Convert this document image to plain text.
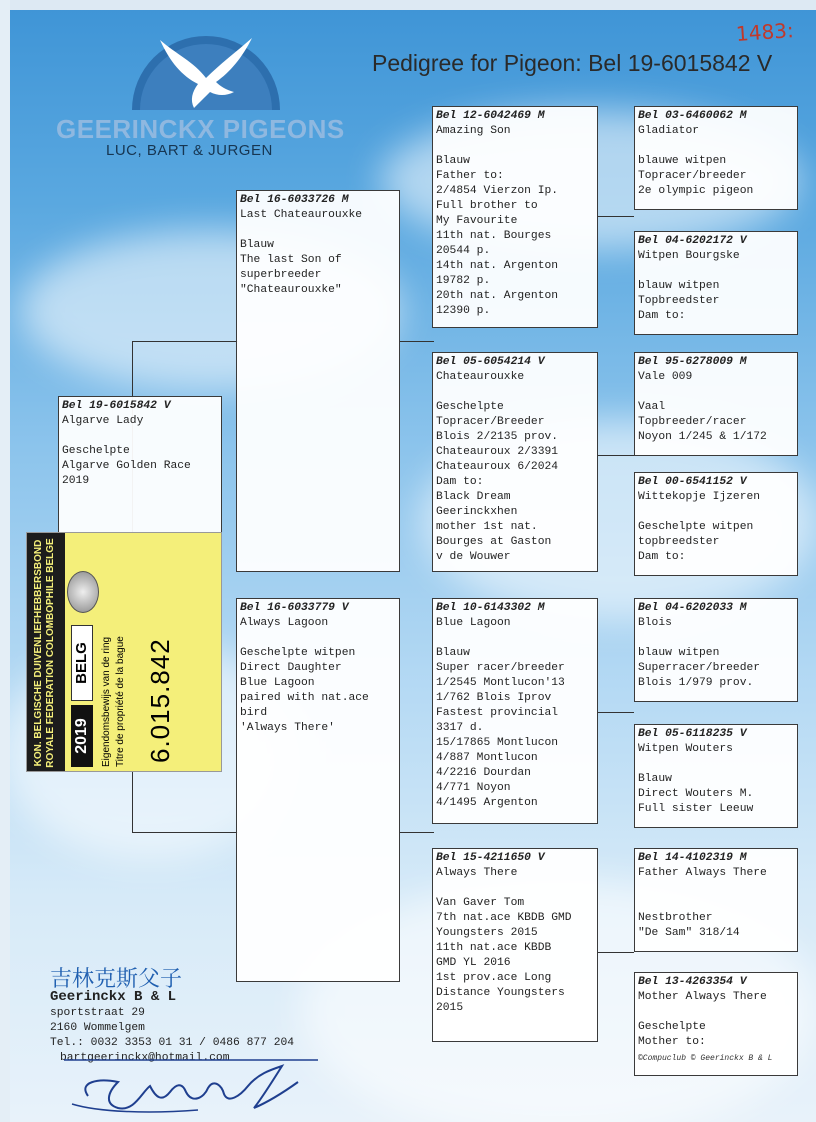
GEERINCKX PIGEONS
LUC, BART & JURGEN
1483:
Pedigree for Pigeon: Bel 19-6015842 V
Bel 19-6015842 V
Algarve Lady
Geschelpte
Algarve Golden Race
2019
Bel 16-6033726 M
Last Chateaurouxke
Blauw
The last Son of
superbreeder
"Chateaurouxke"
Bel 16-6033779 V
Always Lagoon
Geschelpte witpen
Direct Daughter
Blue Lagoon
paired with nat.ace
bird
'Always There'
Bel 12-6042469 M
Amazing Son
Blauw
Father to:
2/4854 Vierzon Ip.
Full brother to
My Favourite
11th nat. Bourges
20544 p.
14th nat. Argenton
19782 p.
20th nat. Argenton
12390 p.
Bel 05-6054214 V
Chateaurouxke
Geschelpte
Topracer/Breeder
Blois 2/2135 prov.
Chateauroux 2/3391
Chateauroux 6/2024
Dam to:
Black Dream
Geerinckxhen
mother 1st nat.
Bourges at Gaston
v de Wouwer
Bel 10-6143302 M
Blue Lagoon
Blauw
Super racer/breeder
1/2545 Montlucon'13
1/762 Blois Iprov
Fastest provincial
3317 d.
15/17865 Montlucon
4/887 Montlucon
4/2216 Dourdan
4/771 Noyon
4/1495 Argenton
Bel 15-4211650 V
Always There
Van Gaver Tom
7th nat.ace KBDB GMD
Youngsters 2015
11th nat.ace KBDB
GMD YL 2016
1st prov.ace Long
Distance Youngsters
2015
Bel 03-6460062 M
Gladiator
blauwe witpen
Topracer/breeder
2e olympic pigeon
Bel 04-6202172 V
Witpen Bourgske
blauw witpen
Topbreedster
Dam to:
Bel 95-6278009 M
Vale 009
Vaal
Topbreeder/racer
Noyon 1/245 & 1/172
Bel 00-6541152 V
Wittekopje Ijzeren
Geschelpte witpen
topbreedster
Dam to:
Bel 04-6202033 M
Blois
blauw witpen
Superracer/breeder
Blois 1/979 prov.
Bel 05-6118235 V
Witpen Wouters
Blauw
Direct Wouters M.
Full sister Leeuw
Bel 14-4102319 M
Father Always There
Nestbrother
"De Sam" 318/14
Bel 13-4263354 V
Mother Always There
Geschelpte
Mother to:
©Compuclub © Geerinckx B & L
KON. BELGISCHE DUIVENLIEFHEBBERSBOND ROYALE FEDERATION COLOMBOPHILE BELGE 2019
BELG	Eigendomsbewijs van de ring Titre de propriété de la bague 6.015.842
吉林克斯父子
Geerinckx B & L
sportstraat 29
2160 Wommelgem
Tel.: 0032 3353 01 31 / 0486 877 204
bartgeerinckx@hotmail.com
